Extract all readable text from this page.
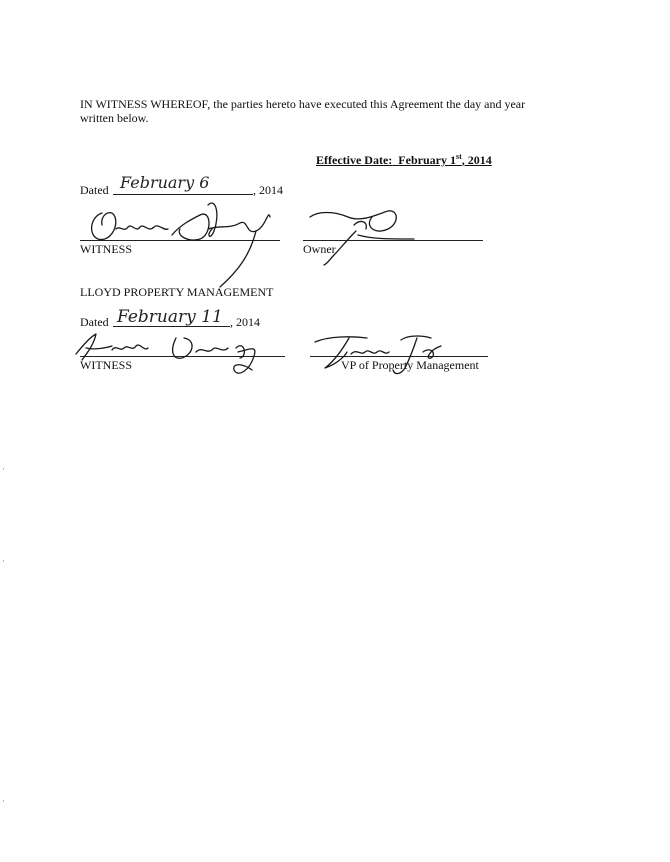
IN WITNESS WHEREOF, the parties hereto have executed this Agreement the day and year
written below.
Effective Date: February 1st, 2014
Dated February 6	, 2014
WITNESS	Owner
LLOYD PROPERTY MANAGEMENT
Dated February 11 , 2014
WITNESS	VP of Property Management
